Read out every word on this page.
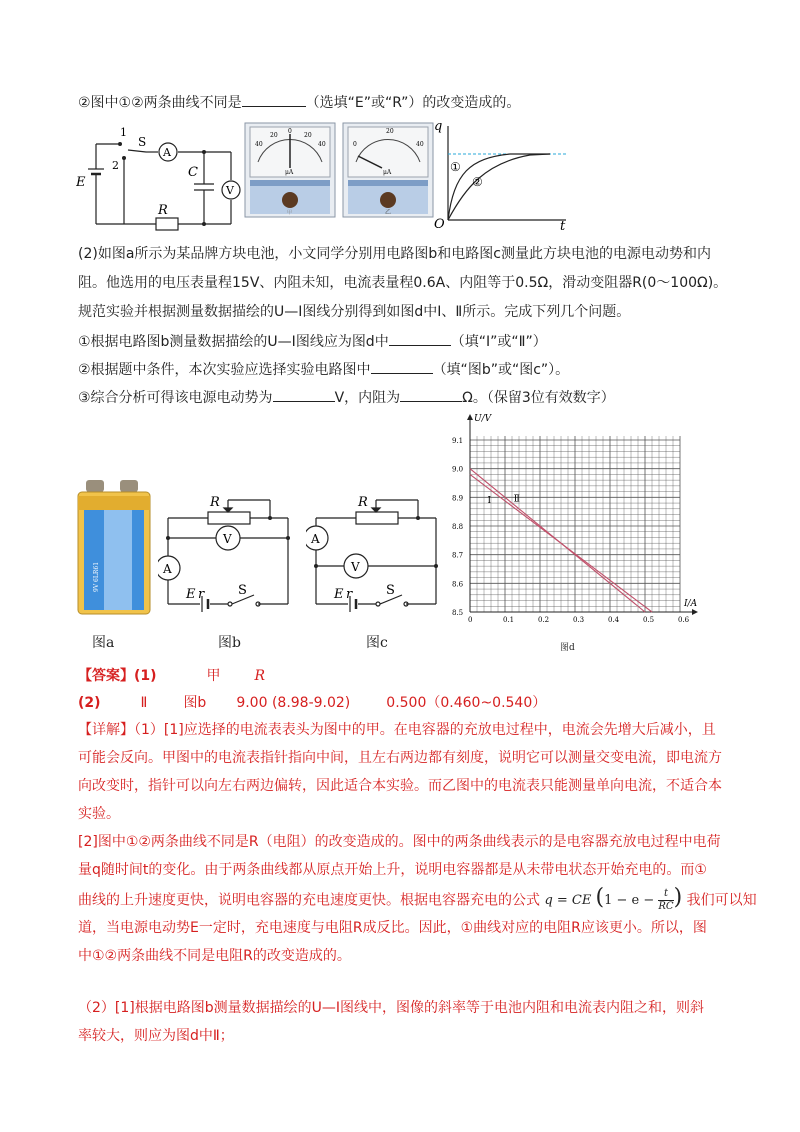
②图中①②两条曲线不同是	（选填“E”或“R”）的改变造成的。
1
2
S
A
V
C
E
R
40
20
0
20
40
μA
甲
0
20
40
μA
乙
q
t
O
①
②
(2)如图a所示为某品牌方块电池，小文同学分别用电路图b和电路图c测量此方块电池的电源电动势和内
阻。他选用的电压表量程15V、内阻未知，电流表量程0.6A、内阻等于0.5Ω，滑动变阻器R(0～100Ω)。
规范实验并根据测量数据描绘的U—I图线分别得到如图d中Ⅰ、Ⅱ所示。完成下列几个问题。
①根据电路图b测量数据描绘的U—I图线应为图d中	（填“Ⅰ”或“Ⅱ”）
②根据题中条件，本次实验应选择实验电路图中	（填“图b”或“图c”）。
③综合分析可得该电源电动势为	V，内阻为	Ω。（保留3位有效数字）
9V 6LR61
图a
R
V
A
E r	S
图b
R
A
V
E r	S
图c
0	0.1	0.2	0.3	0.4	0.5	0.6
8.5
8.6
8.7
8.8
8.9
9.0
9.1
U/V
I/A
Ⅰ	Ⅱ
图d
【答案】(1)	甲 R
(2)	Ⅱ	图b 9.00 (8.98-9.02)	0.500（0.460~0.540）
【详解】（1）[1]应选择的电流表表头为图中的甲。在电容器的充放电过程中，电流会先增大后减小，且
可能会反向。甲图中的电流表指针指向中间，且左右两边都有刻度，说明它可以测量交变电流，即电流方
向改变时，指针可以向左右两边偏转，因此适合本实验。而乙图中的电流表只能测量单向电流，不适合本
实验。
[2]图中①②两条曲线不同是R（电阻）的改变造成的。图中的两条曲线表示的是电容器充放电过程中电荷
量q随时间t的变化。由于两条曲线都从原点开始上升，说明电容器都是从未带电状态开始充电的。而①
曲线的上升速度更快，说明电容器的充电速度更快。根据电容器充电的公式 q = CE ($1 - e - \frac{t}{RC}$ ) 我们可以知
道，当电源电动势E一定时，充电速度与电阻R成反比。因此，①曲线对应的电阻R应该更小。所以，图
中①②两条曲线不同是电阻R的改变造成的。
（2）[1]根据电路图b测量数据描绘的U—I图线中，图像的斜率等于电池内阻和电流表内阻之和，则斜
率较大，则应为图d中Ⅱ；
